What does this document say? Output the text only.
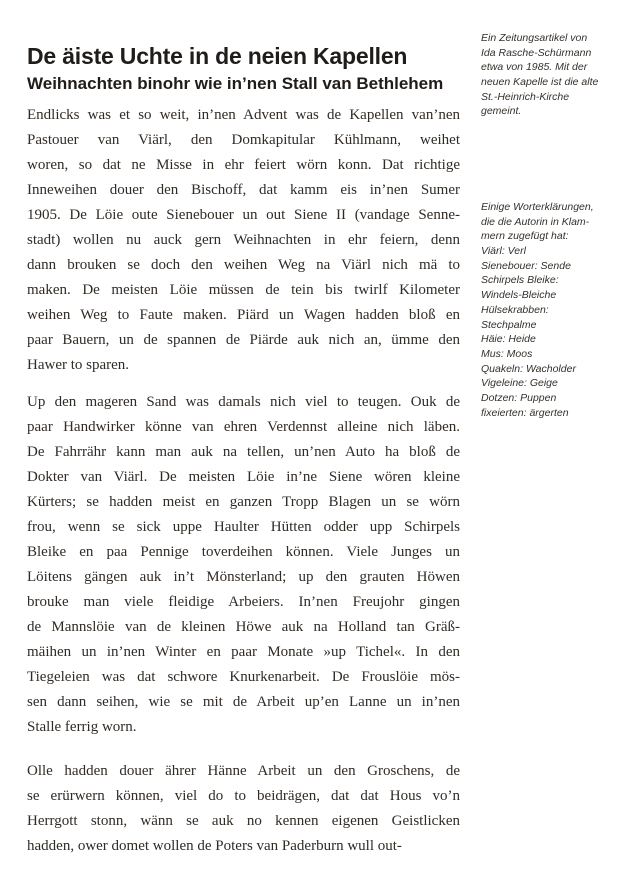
De äiste Uchte in de neien Kapellen
Weihnachten binohr wie in’nen Stall van Bethlehem
Endlicks was et so weit, in’nen Advent was de Kapellen van’nen
Pastouer van Viärl, den Domkapitular Kühlmann, weihet
woren, so dat ne Misse in ehr feiert wörn konn. Dat richtige
Inneweihen douer den Bischoff, dat kamm eis in’nen Sumer
1905. De Löie oute Sienebouer un out Siene II (vandage Senne-
stadt) wollen nu auck gern Weihnachten in ehr feiern, denn
dann brouken se doch den weihen Weg na Viärl nich mä to
maken. De meisten Löie müssen de tein bis twirlf Kilometer
weihen Weg to Faute maken. Piärd un Wagen hadden bloß en
paar Bauern, un de spannen de Piärde auk nich an, ümme den
Hawer to sparen.
Up den mageren Sand was damals nich viel to teugen. Ouk de
paar Handwirker könne van ehren Verdennst alleine nich läben.
De Fahrrähr kann man auk na tellen, un’nen Auto ha bloß de
Dokter van Viärl. De meisten Löie in’ne Siene wören kleine
Kürters; se hadden meist en ganzen Tropp Blagen un se wörn
frou, wenn se sick uppe Haulter Hütten odder upp Schirpels
Bleike en paa Pennige toverdeihen können. Viele Junges un
Löitens gängen auk in’t Mönsterland; up den grauten Höwen
brouke man viele fleidige Arbeiers. In’nen Freujohr gingen
de Mannslöie van de kleinen Höwe auk na Holland tan Gräß-
mäihen un in’nen Winter en paar Monate »up Tichel«. In den
Tiegeleien was dat schwore Knurkenarbeit. De Frouslöie mös-
sen dann seihen, wie se mit de Arbeit up’en Lanne un in’nen
Stalle ferrig worn.
Olle hadden douer ährer Hänne Arbeit un den Groschens, de
se erürwern können, viel do to beidrägen, dat dat Hous vo’n
Herrgott stonn, wänn se auk no kennen eigenen Geistlicken
hadden, ower domet wollen de Poters van Paderburn wull out-
Ein Zeitungsartikel von
Ida Rasche-Schürmann
etwa von 1985. Mit der
neuen Kapelle ist die alte
St.-Heinrich-Kirche
gemeint.
Einige Worterklärungen,
die die Autorin in Klam-
mern zugefügt hat:
Viärl: Verl
Sienebouer: Sende
Schirpels Bleike:
Windels-Bleiche
Hülsekrabben:
Stechpalme
Häie: Heide
Mus: Moos
Quakeln: Wacholder
Vigeleine: Geige
Dotzen: Puppen
fixeierten: ärgerten
